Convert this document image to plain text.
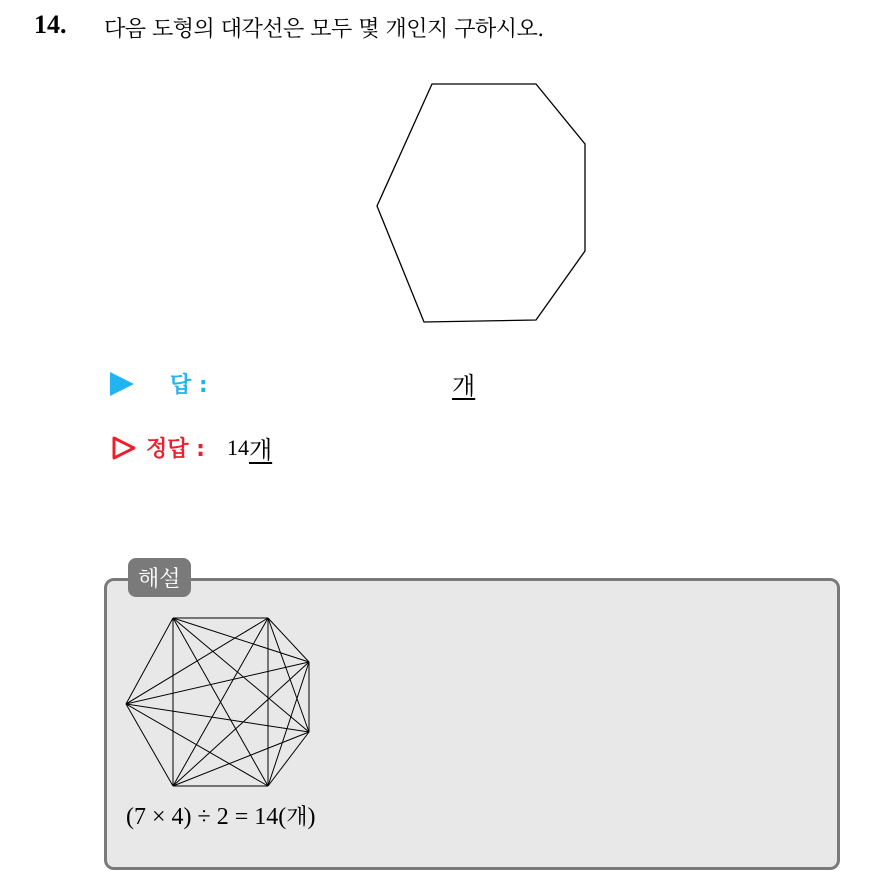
14. 다음 도형의 대각선은 모두 몇 개인지 구하시오.
답 :	개
정답 : 14 개
해설
(7 × 4) ÷ 2 = 14(개)
